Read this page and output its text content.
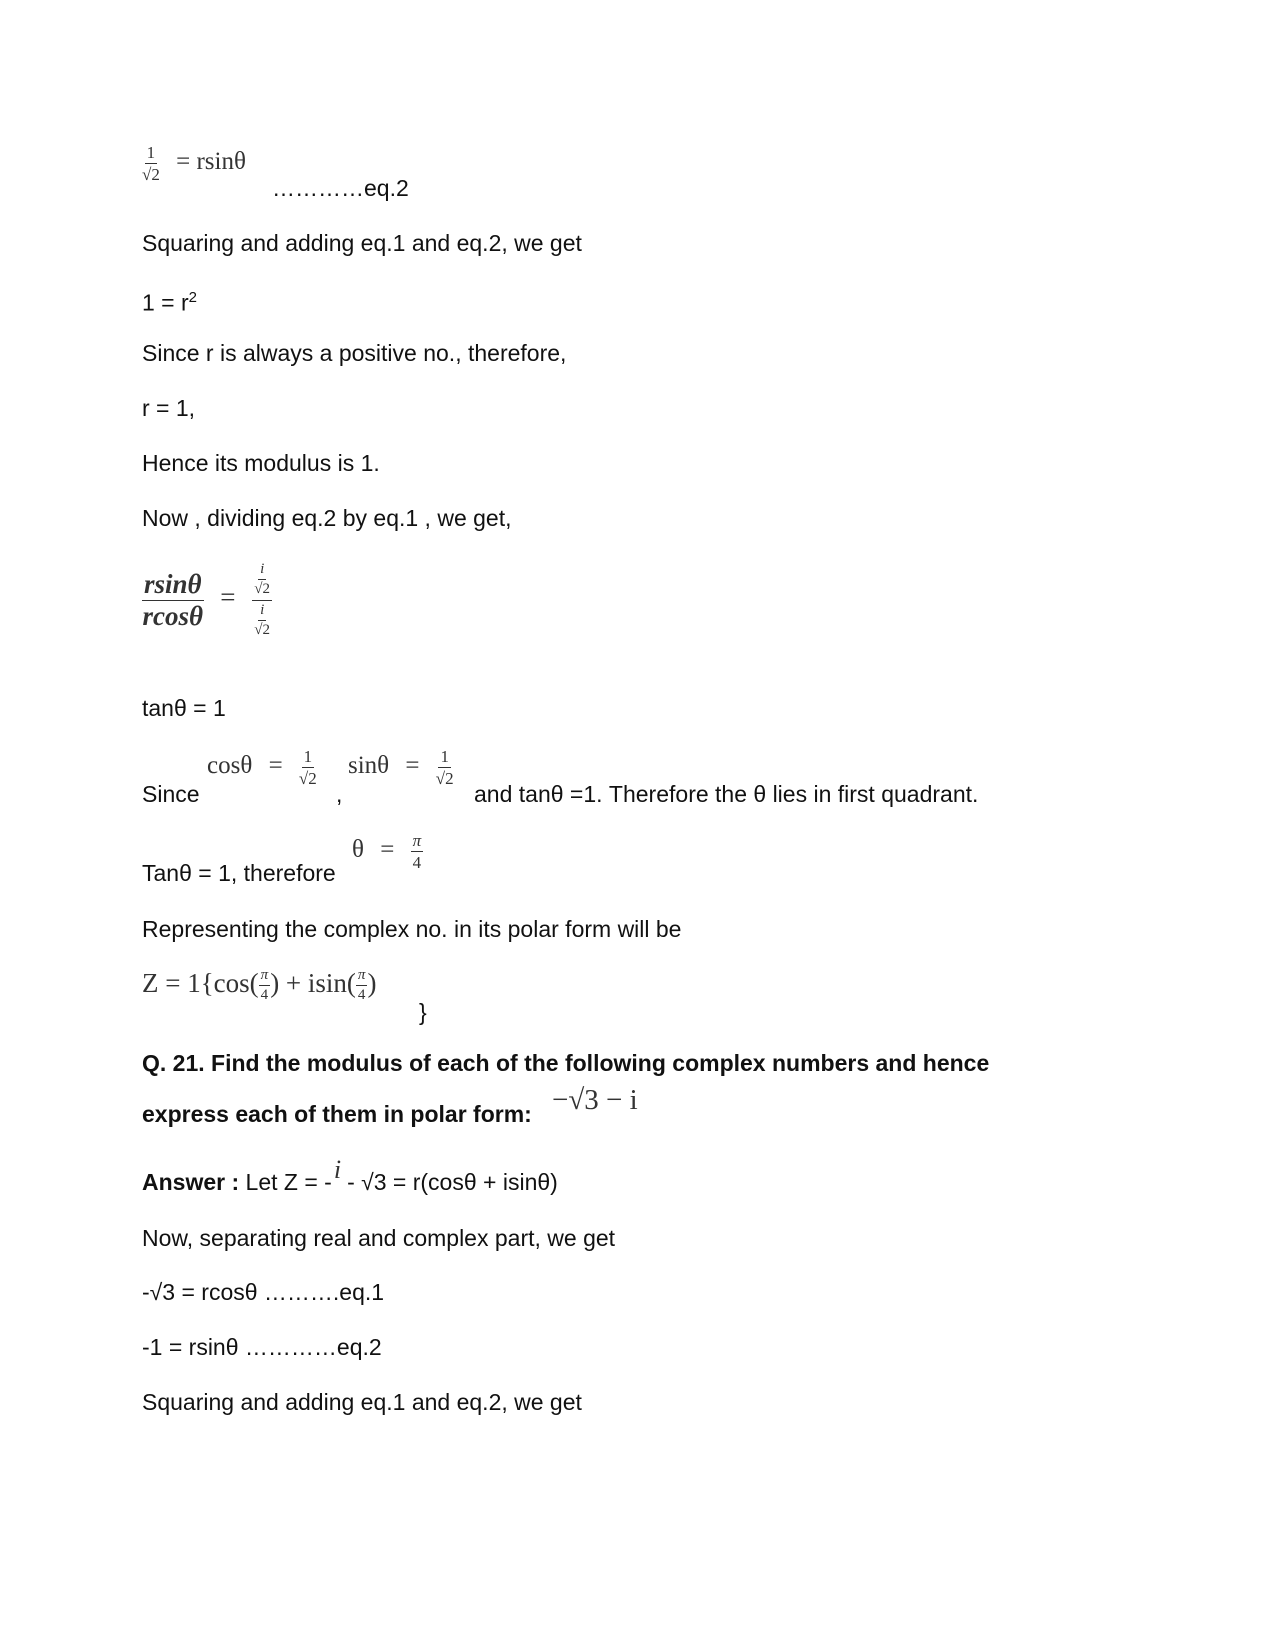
$\frac{1}{√2} = rsin\theta$
…………eq.2
Squaring and adding eq.1 and eq.2, we get
$1 = r^2$
Since r is always a positive no., therefore,
r = 1,
Hence its modulus is 1.
Now , dividing eq.2 by eq.1 , we get,
$\frac{rsin\theta}{rcos\theta} = \frac{\frac{i}{√2}}{\frac{i}{√2}}$
tanθ = 1
Since
$\cos\theta = \frac{1}{√2}$
,
$\sin\theta = \frac{1}{√2}$
and tanθ =1. Therefore the θ lies in first quadrant.
Tanθ = 1, therefore
$\theta = \frac{\pi}{4}$
Representing the complex no. in its polar form will be
$Z = 1\{\cos( \frac{\pi}{4}$ ) + $isin( \frac{\pi}{4}$ )
}
Q. 21. Find the modulus of each of the following complex numbers and hence
express each of them in polar form: −√3 − i
Answer : Let Z = -i - √3 = r(cosθ + isinθ)
Now, separating real and complex part, we get
-√3 = rcosθ ……….eq.1
-1 = rsinθ …………eq.2
Squaring and adding eq.1 and eq.2, we get
